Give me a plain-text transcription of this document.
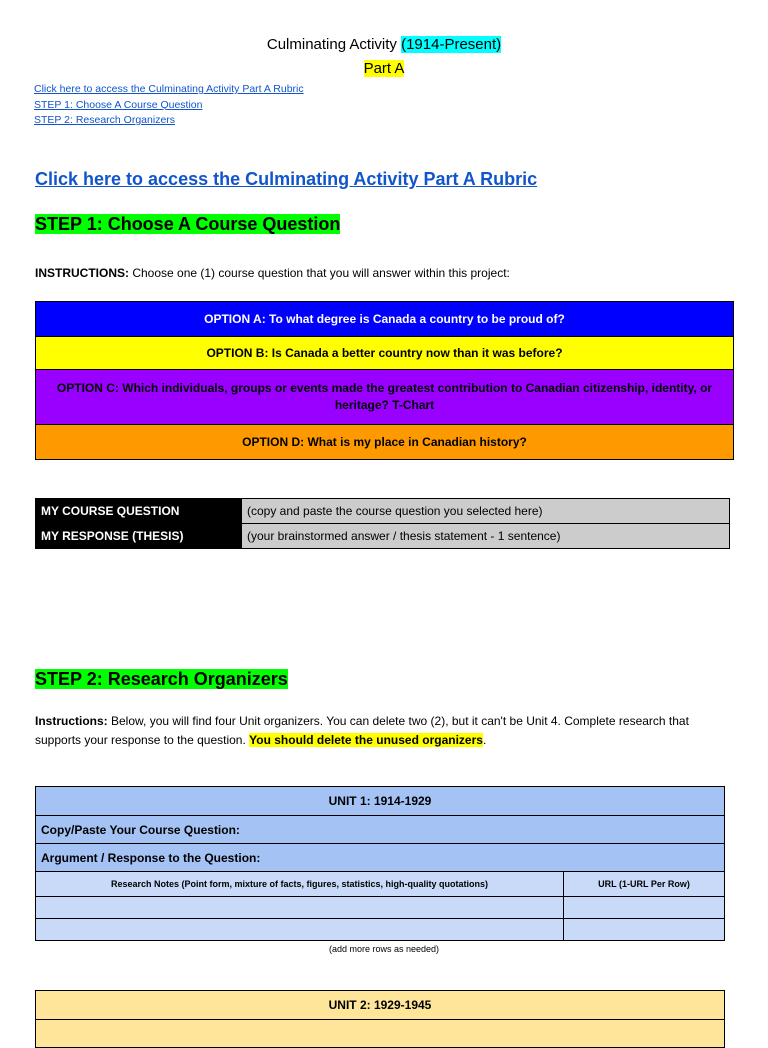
Culminating Activity (1914-Present)
Part A
Click here to access the Culminating Activity Part A Rubric
STEP 1: Choose A Course Question
STEP 2: Research Organizers
Click here to access the Culminating Activity Part A Rubric
STEP 1: Choose A Course Question
INSTRUCTIONS: Choose one (1) course question that you will answer within this project:
OPTION A: To what degree is Canada a country to be proud of?
OPTION B: Is Canada a better country now than it was before?
OPTION C: Which individuals, groups or events made the greatest contribution to Canadian citizenship, identity, or heritage? T-Chart
OPTION D: What is my place in Canadian history?
MY COURSE QUESTION	(copy and paste the course question you selected here)
MY RESPONSE (THESIS)	(your brainstormed answer / thesis statement - 1 sentence)
STEP 2: Research Organizers
Instructions: Below, you will find four Unit organizers. You can delete two (2), but it can't be Unit 4. Complete research that supports your response to the question. You should delete the unused organizers.
UNIT 1: 1914-1929	
Copy/Paste Your Course Question:	
Argument / Response to the Question:	
Research Notes (Point form, mixture of facts, figures, statistics, high-quality quotations)	URL (1-URL Per Row)

(add more rows as needed)
UNIT 2: 1929-1945
